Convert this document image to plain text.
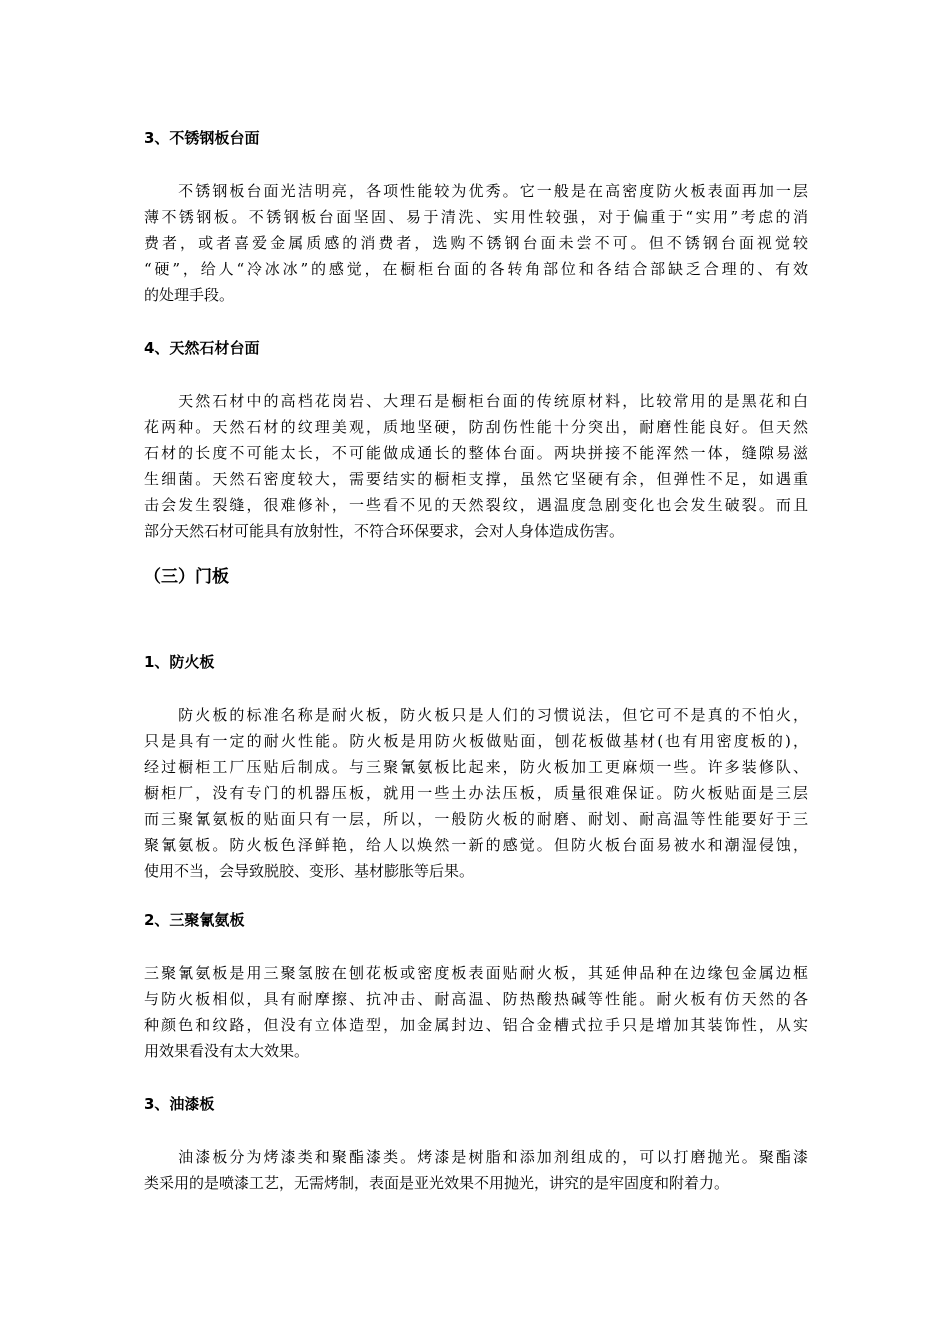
3、不锈钢板台面

　　不锈钢板台面光洁明亮，各项性能较为优秀。它一般是在高密度防火板表面再加一层
薄不锈钢板。不锈钢板台面坚固、易于清洗、实用性较强，对于偏重于“实用”考虑的消
费者，或者喜爱金属质感的消费者，选购不锈钢台面未尝不可。但不锈钢台面视觉较
“硬”，给人“冷冰冰”的感觉，在橱柜台面的各转角部位和各结合部缺乏合理的、有效
的处理手段。

4、天然石材台面

　　天然石材中的高档花岗岩、大理石是橱柜台面的传统原材料，比较常用的是黑花和白
花两种。天然石材的纹理美观，质地坚硬，防刮伤性能十分突出，耐磨性能良好。但天然
石材的长度不可能太长，不可能做成通长的整体台面。两块拼接不能浑然一体，缝隙易滋
生细菌。天然石密度较大，需要结实的橱柜支撑，虽然它坚硬有余，但弹性不足，如遇重
击会发生裂缝，很难修补，一些看不见的天然裂纹，遇温度急剧变化也会发生破裂。而且
部分天然石材可能具有放射性，不符合环保要求，会对人身体造成伤害。

（三）门板
1、防火板

　　防火板的标准名称是耐火板，防火板只是人们的习惯说法，但它可不是真的不怕火，
只是具有一定的耐火性能。防火板是用防火板做贴面，刨花板做基材(也有用密度板的)，
经过橱柜工厂压贴后制成。与三聚氰氨板比起来，防火板加工更麻烦一些。许多装修队、
橱柜厂，没有专门的机器压板，就用一些土办法压板，质量很难保证。防火板贴面是三层
而三聚氰氨板的贴面只有一层，所以，一般防火板的耐磨、耐划、耐高温等性能要好于三
聚氰氨板。防火板色泽鲜艳，给人以焕然一新的感觉。但防火板台面易被水和潮湿侵蚀，
使用不当，会导致脱胶、变形、基材膨胀等后果。

2、三聚氰氨板

三聚氰氨板是用三聚氢胺在刨花板或密度板表面贴耐火板，其延伸品种在边缘包金属边框
与防火板相似，具有耐摩擦、抗冲击、耐高温、防热酸热碱等性能。耐火板有仿天然的各
种颜色和纹路，但没有立体造型，加金属封边、铝合金槽式拉手只是增加其装饰性，从实
用效果看没有太大效果。

3、油漆板

　　油漆板分为烤漆类和聚酯漆类。烤漆是树脂和添加剂组成的，可以打磨抛光。聚酯漆
类采用的是喷漆工艺，无需烤制，表面是亚光效果不用抛光，讲究的是牢固度和附着力。
